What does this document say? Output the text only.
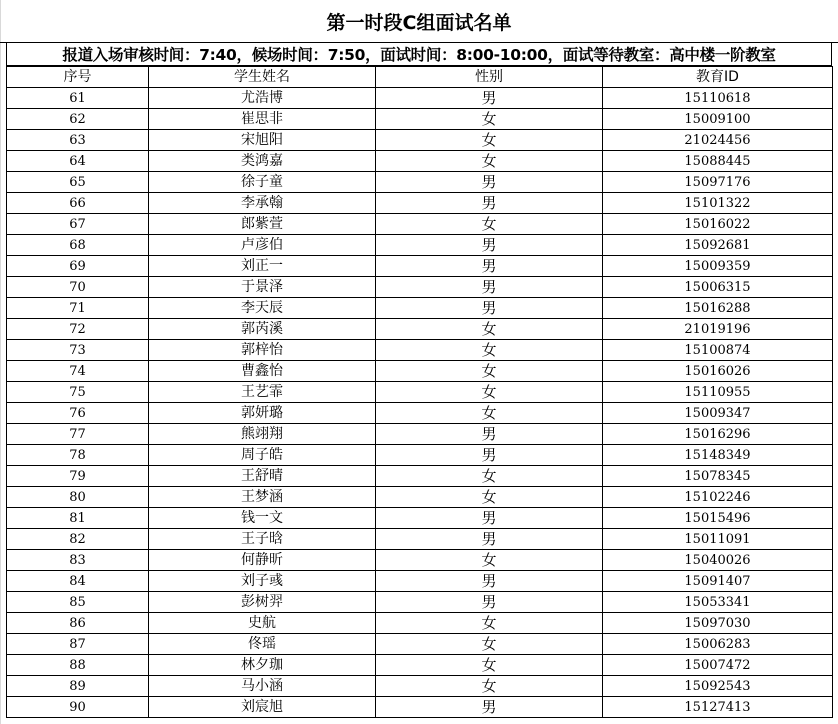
第一时段C组面试名单
报道入场审核时间：7:40，候场时间：7:50，面试时间：8:00-10:00，面试等待教室：高中楼一阶教室
序号	学生姓名	性别	教育ID
61	尤浩博	男	15110618
62	崔思非	女	15009100
63	宋旭阳	女	21024456
64	类鸿嘉	女	15088445
65	徐子童	男	15097176
66	李承翰	男	15101322
67	郎紫萱	女	15016022
68	卢彦伯	男	15092681
69	刘正一	男	15009359
70	于景泽	男	15006315
71	李天辰	男	15016288
72	郭芮溪	女	21019196
73	郭梓怡	女	15100874
74	曹鑫怡	女	15016026
75	王艺霏	女	15110955
76	郭妍璐	女	15009347
77	熊翊翔	男	15016296
78	周子皓	男	15148349
79	王舒晴	女	15078345
80	王梦涵	女	15102246
81	钱一文	男	15015496
82	王子晗	男	15011091
83	何静昕	女	15040026
84	刘子彧	男	15091407
85	彭树羿	男	15053341
86	史航	女	15097030
87	佟瑶	女	15006283
88	林夕珈	女	15007472
89	马小涵	女	15092543
90	刘宸旭	男	15127413
